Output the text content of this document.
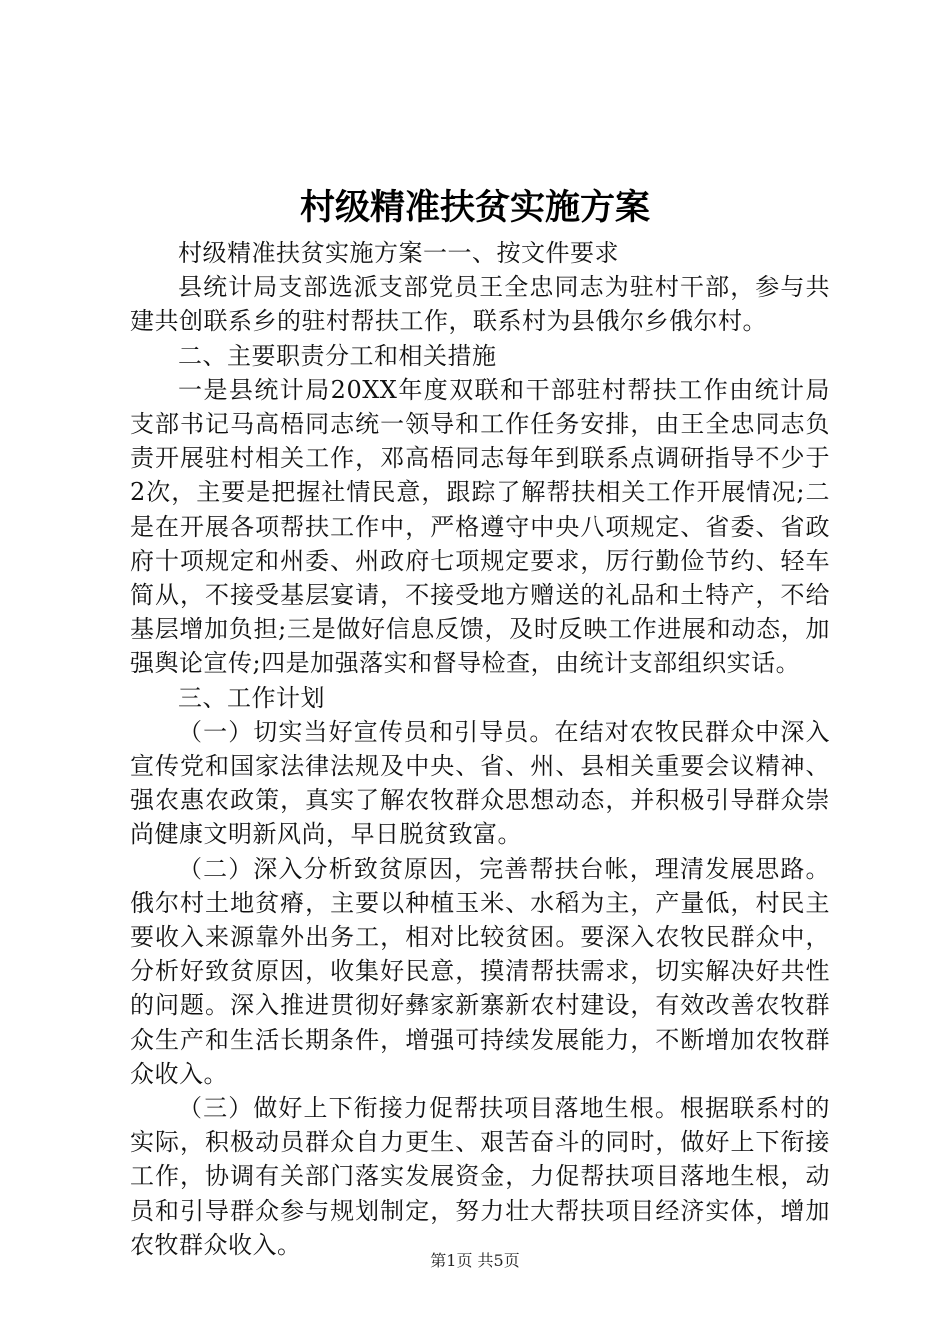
村级精准扶贫实施方案

村级精准扶贫实施方案一一、按文件要求

县统计局支部选派支部党员王全忠同志为驻村干部，参与共建共创联系乡的驻村帮扶工作，联系村为县俄尔乡俄尔村。

二、主要职责分工和相关措施

一是县统计局20XX年度双联和干部驻村帮扶工作由统计局支部书记马高梧同志统一领导和工作任务安排，由王全忠同志负责开展驻村相关工作，邓高梧同志每年到联系点调研指导不少于2次，主要是把握社情民意，跟踪了解帮扶相关工作开展情况;二是在开展各项帮扶工作中，严格遵守中央八项规定、省委、省政府十项规定和州委、州政府七项规定要求，厉行勤俭节约、轻车简从，不接受基层宴请，不接受地方赠送的礼品和土特产，不给基层增加负担;三是做好信息反馈，及时反映工作进展和动态，加强舆论宣传;四是加强落实和督导检查，由统计支部组织实话。

三、工作计划

（一）切实当好宣传员和引导员。在结对农牧民群众中深入宣传党和国家法律法规及中央、省、州、县相关重要会议精神、强农惠农政策，真实了解农牧群众思想动态，并积极引导群众崇尚健康文明新风尚，早日脱贫致富。

（二）深入分析致贫原因，完善帮扶台帐，理清发展思路。俄尔村土地贫瘠，主要以种植玉米、水稻为主，产量低，村民主要收入来源靠外出务工，相对比较贫困。要深入农牧民群众中，分析好致贫原因，收集好民意，摸清帮扶需求，切实解决好共性的问题。深入推进贯彻好彝家新寨新农村建设，有效改善农牧群众生产和生活长期条件，增强可持续发展能力，不断增加农牧群众收入。

（三）做好上下衔接力促帮扶项目落地生根。根据联系村的实际，积极动员群众自力更生、艰苦奋斗的同时，做好上下衔接工作，协调有关部门落实发展资金，力促帮扶项目落地生根，动员和引导群众参与规划制定，努力壮大帮扶项目经济实体，增加农牧群众收入。

第1页 共5页
